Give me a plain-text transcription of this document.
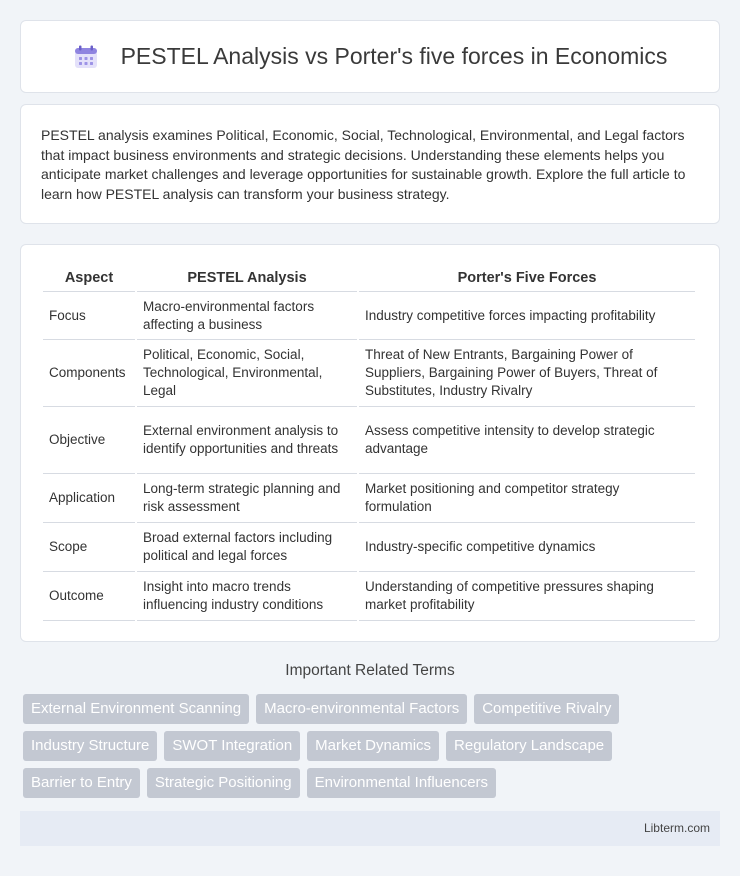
PESTEL Analysis vs Porter's five forces in Economics

PESTEL analysis examines Political, Economic, Social, Technological, Environmental, and Legal factors that impact business environments and strategic decisions. Understanding these elements helps you anticipate market challenges and leverage opportunities for sustainable growth. Explore the full article to learn how PESTEL analysis can transform your business strategy.

Aspect	PESTEL Analysis	Porter's Five Forces
Focus	Macro-environmental factors affecting a business	Industry competitive forces impacting profitability
Components	Political, Economic, Social, Technological, Environmental, Legal	Threat of New Entrants, Bargaining Power of Suppliers, Bargaining Power of Buyers, Threat of Substitutes, Industry Rivalry
Objective	External environment analysis to identify opportunities and threats	Assess competitive intensity to develop strategic advantage
Application	Long-term strategic planning and risk assessment	Market positioning and competitor strategy formulation
Scope	Broad external factors including political and legal forces	Industry-specific competitive dynamics
Outcome	Insight into macro trends influencing industry conditions	Understanding of competitive pressures shaping market profitability
Important Related Terms
External Environment Scanning	Macro-environmental Factors	Competitive Rivalry
Industry Structure	SWOT Integration	Market Dynamics	Regulatory Landscape
Barrier to Entry	Strategic Positioning	Environmental Influencers
Libterm.com
